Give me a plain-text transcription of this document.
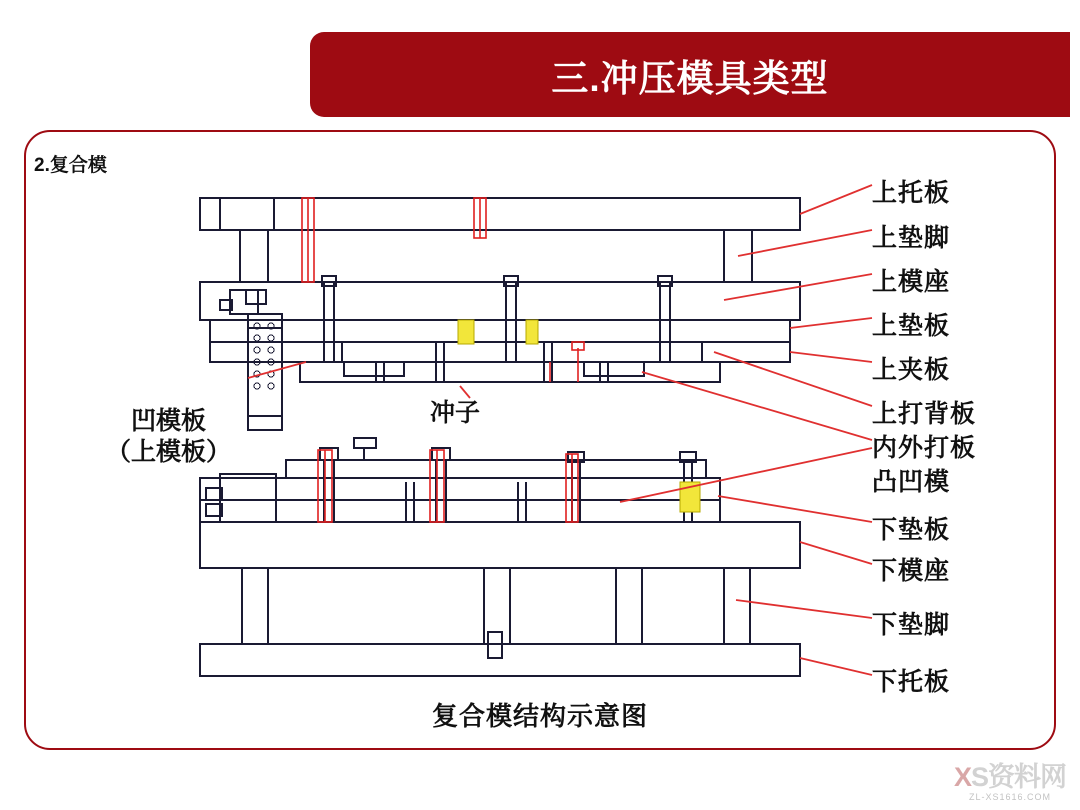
三.冲压模具类型
2.复合模
上托板
上垫脚
上模座
上垫板
上夹板
上打背板
内外打板
凸凹模
下垫板
下模座
下垫脚
下托板
凹模板
（上模板）
冲子
复合模结构示意图
XS资料网
ZL-XS1616.COM
